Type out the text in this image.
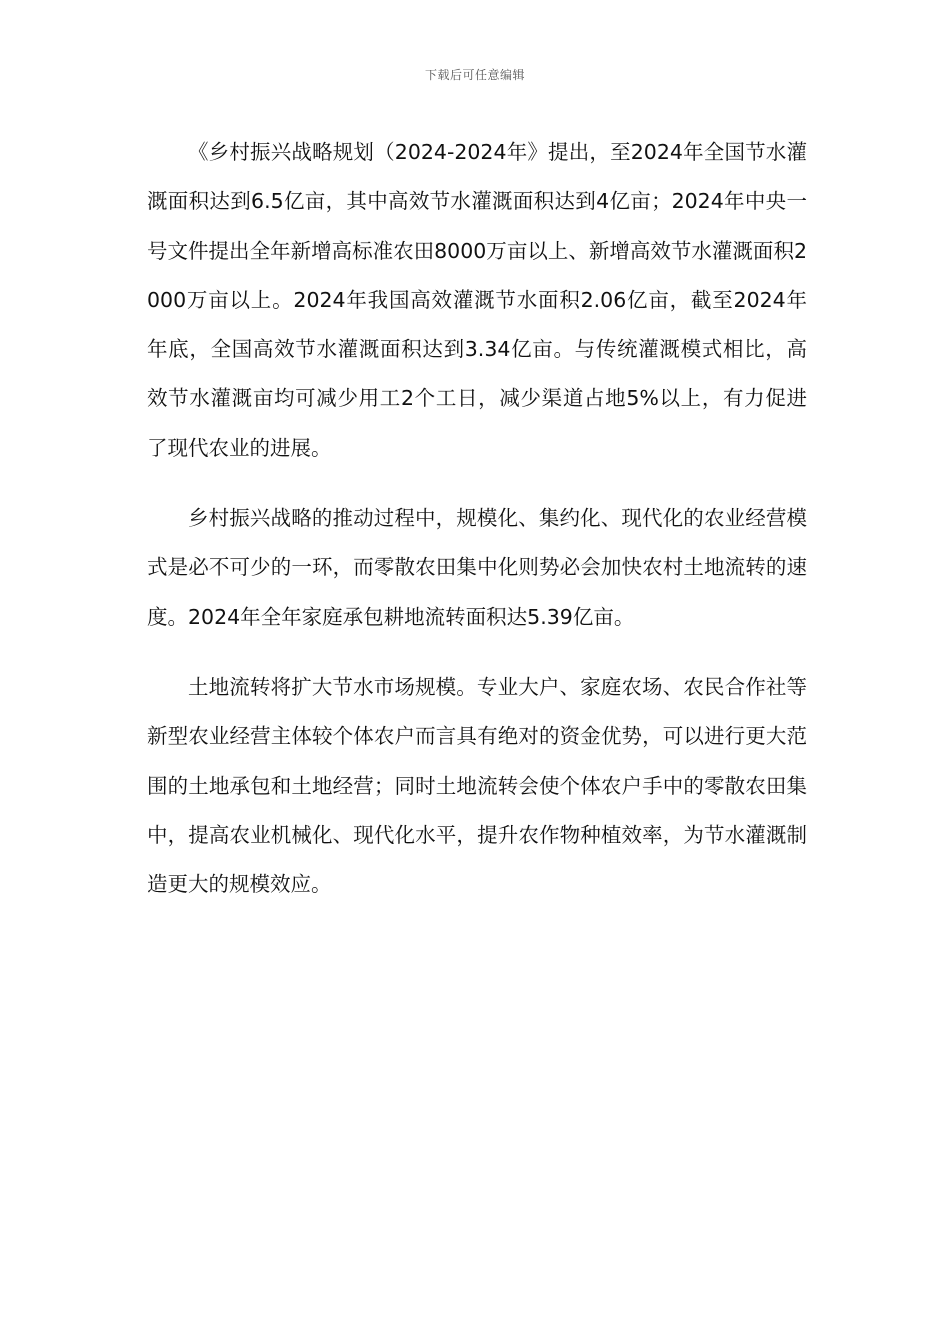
下载后可任意编辑

《乡村振兴战略规划（2024-2024年》提出，至2024年全国节水灌溉面积达到6.5亿亩，其中高效节水灌溉面积达到4亿亩；2024年中央一号文件提出全年新增高标准农田8000万亩以上、新增高效节水灌溉面积2000万亩以上。2024年我国高效灌溉节水面积2.06亿亩，截至2024年年底，全国高效节水灌溉面积达到3.34亿亩。与传统灌溉模式相比，高效节水灌溉亩均可减少用工2个工日，减少渠道占地5%以上，有力促进了现代农业的进展。

乡村振兴战略的推动过程中，规模化、集约化、现代化的农业经营模式是必不可少的一环，而零散农田集中化则势必会加快农村土地流转的速度。2024年全年家庭承包耕地流转面积达5.39亿亩。

土地流转将扩大节水市场规模。专业大户、家庭农场、农民合作社等新型农业经营主体较个体农户而言具有绝对的资金优势，可以进行更大范围的土地承包和土地经营；同时土地流转会使个体农户手中的零散农田集中，提高农业机械化、现代化水平，提升农作物种植效率，为节水灌溉制造更大的规模效应。
